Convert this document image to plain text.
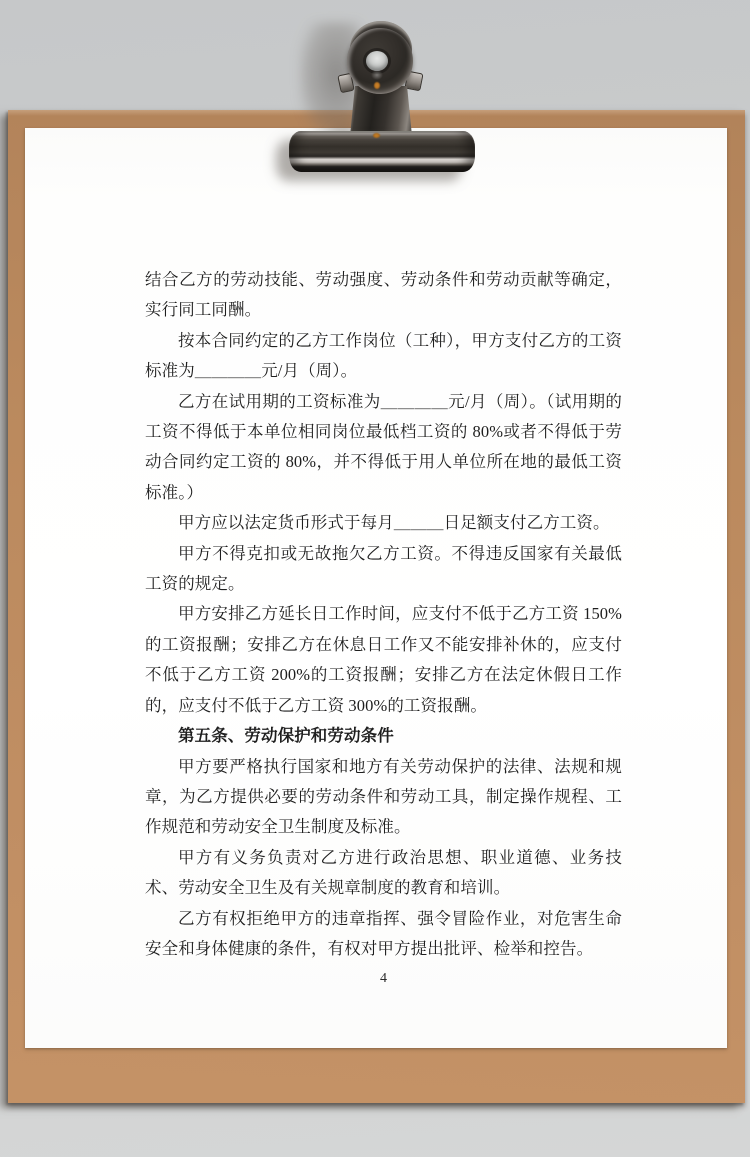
结合乙方的劳动技能、劳动强度、劳动条件和劳动贡献等确定，实行同工同酬。

按本合同约定的乙方工作岗位（工种），甲方支付乙方的工资标准为＿＿＿＿元/月（周）。

乙方在试用期的工资标准为＿＿＿＿元/月（周）。（试用期的工资不得低于本单位相同岗位最低档工资的 80%或者不得低于劳动合同约定工资的 80%，并不得低于用人单位所在地的最低工资标准。）

甲方应以法定货币形式于每月＿＿＿日足额支付乙方工资。

甲方不得克扣或无故拖欠乙方工资。不得违反国家有关最低工资的规定。

甲方安排乙方延长日工作时间，应支付不低于乙方工资 150%的工资报酬；安排乙方在休息日工作又不能安排补休的，应支付不低于乙方工资 200%的工资报酬；安排乙方在法定休假日工作的，应支付不低于乙方工资 300%的工资报酬。

第五条、劳动保护和劳动条件

甲方要严格执行国家和地方有关劳动保护的法律、法规和规章，为乙方提供必要的劳动条件和劳动工具，制定操作规程、工作规范和劳动安全卫生制度及标准。

甲方有义务负责对乙方进行政治思想、职业道德、业务技术、劳动安全卫生及有关规章制度的教育和培训。

乙方有权拒绝甲方的违章指挥、强令冒险作业，对危害生命安全和身体健康的条件，有权对甲方提出批评、检举和控告。

4
